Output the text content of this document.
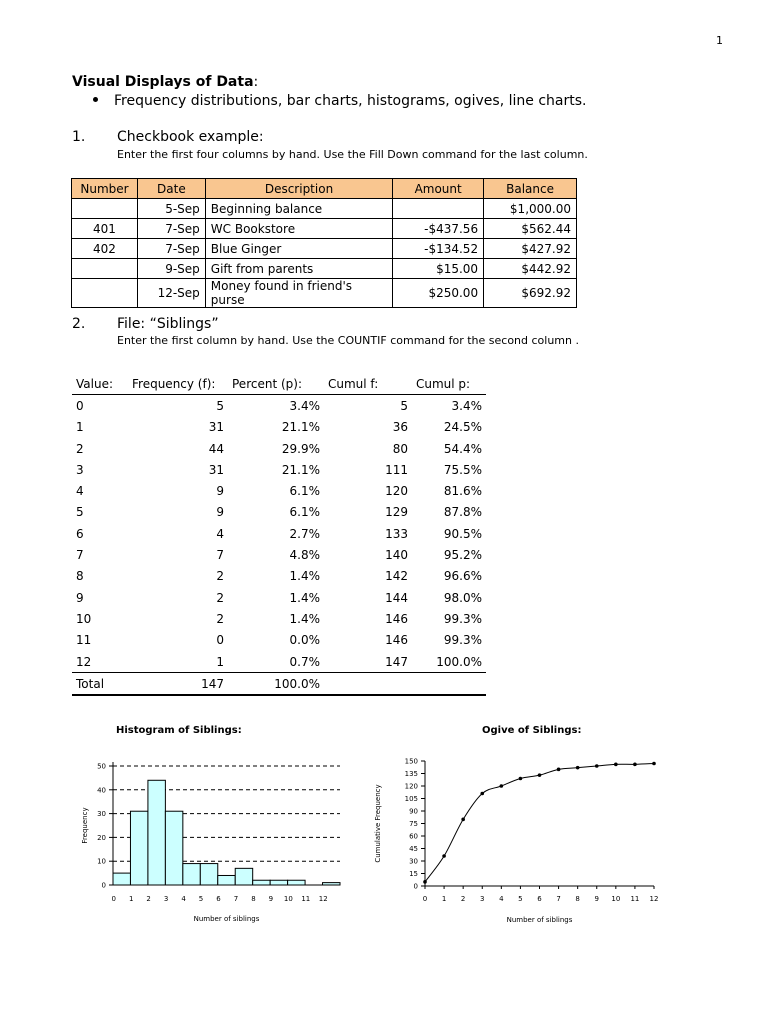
1
Visual Displays of Data:
Frequency distributions, bar charts, histograms, ogives, line charts.
1. Checkbook example:
Enter the first four columns by hand. Use the Fill Down command for the last column.
Number	Date	Description	Amount	Balance
	5-Sep	Beginning balance		$1,000.00
401	7-Sep	WC Bookstore	-$437.56	$562.44
402	7-Sep	Blue Ginger	-$134.52	$427.92
	9-Sep	Gift from parents	$15.00	$442.92
	12-Sep	Money found in friend's purse	$250.00	$692.92
2. File: “Siblings”
Enter the first column by hand. Use the COUNTIF command for the second column .
Value:	Frequency (f):	Percent (p):	Cumul f:	Cumul p:
0	5	3.4%	5	3.4%
1	31	21.1%	36	24.5%
2	44	29.9%	80	54.4%
3	31	21.1%	111	75.5%
4	9	6.1%	120	81.6%
5	9	6.1%	129	87.8%
6	4	2.7%	133	90.5%
7	7	4.8%	140	95.2%
8	2	1.4%	142	96.6%
9	2	1.4%	144	98.0%
10	2	1.4%	146	99.3%
11	0	0.0%	146	99.3%
12	1	0.7%	147	100.0%
Total	147	100.0%		
Histogram of Siblings:	Ogive of Siblings:
0
10
20
30
40
50
0 1 2 3 4 5 6 7 8 9 10 11 12
Number of siblings
Frequency
0
15
30
45
60
75
90
105
120
135
150
0 1 2 3 4 5 6 7 8 9 10 11 12
Number of siblings
Cumulative Frequency
